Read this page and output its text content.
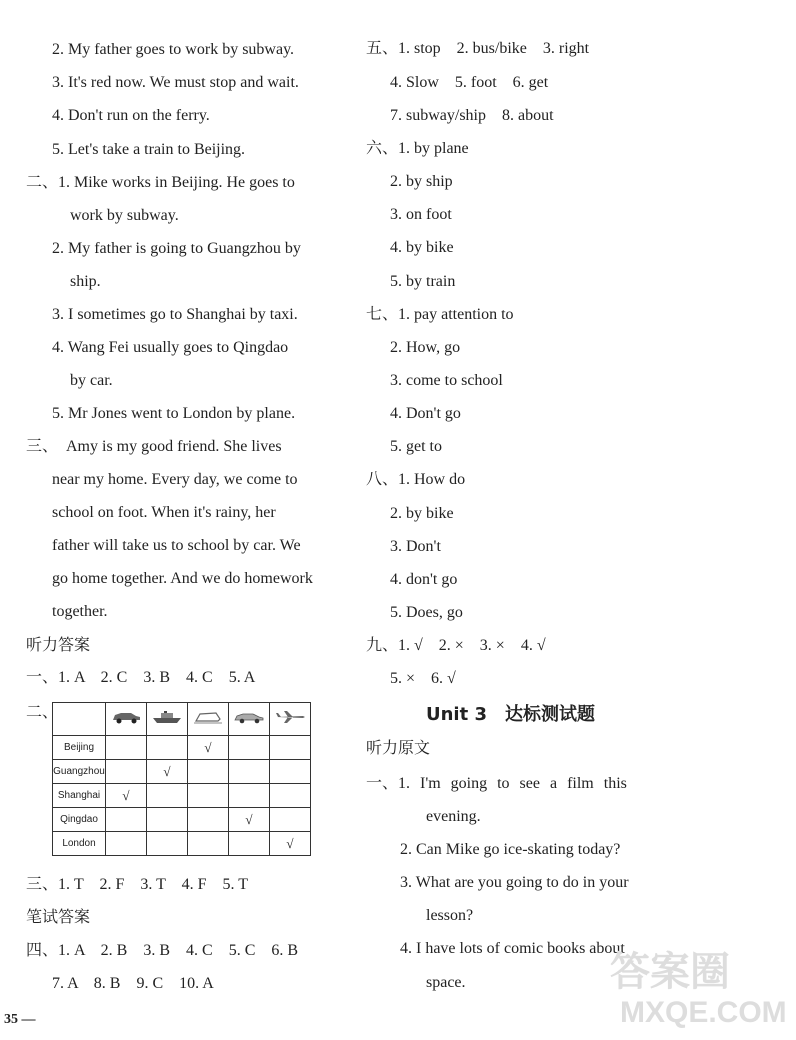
2. My father goes to work by subway.
3. It's red now. We must stop and wait.
4. Don't run on the ferry.
5. Let's take a train to Beijing.
二、1. Mike works in Beijing. He goes to
work by subway.
2. My father is going to Guangzhou by
ship.
3. I sometimes go to Shanghai by taxi.
4. Wang Fei usually goes to Qingdao
by car.
5. Mr Jones went to London by plane.
三、　Amy is my good friend. She lives
near my home. Every day, we come to
school on foot. When it's rainy, her
father will take us to school by car. We
go home together. And we do homework
together.
听力答案
一、1. A　2. C　3. B　4. C　5. A
二、

Beijing			√		
Guangzhou		√			
Shanghai	√				
Qingdao				√	
London					√
三、1. T　2. F　3. T　4. F　5. T
笔试答案
四、1. A　2. B　3. B　4. C　5. C　6. B
7. A　8. B　9. C　10. A
35 —
五、1. stop　2. bus/bike　3. right
4. Slow　5. foot　6. get
7. subway/ship　8. about
六、1. by plane
2. by ship
3. on foot
4. by bike
5. by train
七、1. pay attention to
2. How, go
3. come to school
4. Don't go
5. get to
八、1. How do
2. by bike
3. Don't
4. don't go
5. Does, go
九、1. √　2. ×　3. ×　4. √
5. ×　6. √
Unit 3　达标测试题
听力原文
一、1. I'm going to see a film this
evening.
2. Can Mike go ice-skating today?
3. What are you going to do in your
lesson?
4. I have lots of comic books about
space.	答案圈
MXQE.COM
